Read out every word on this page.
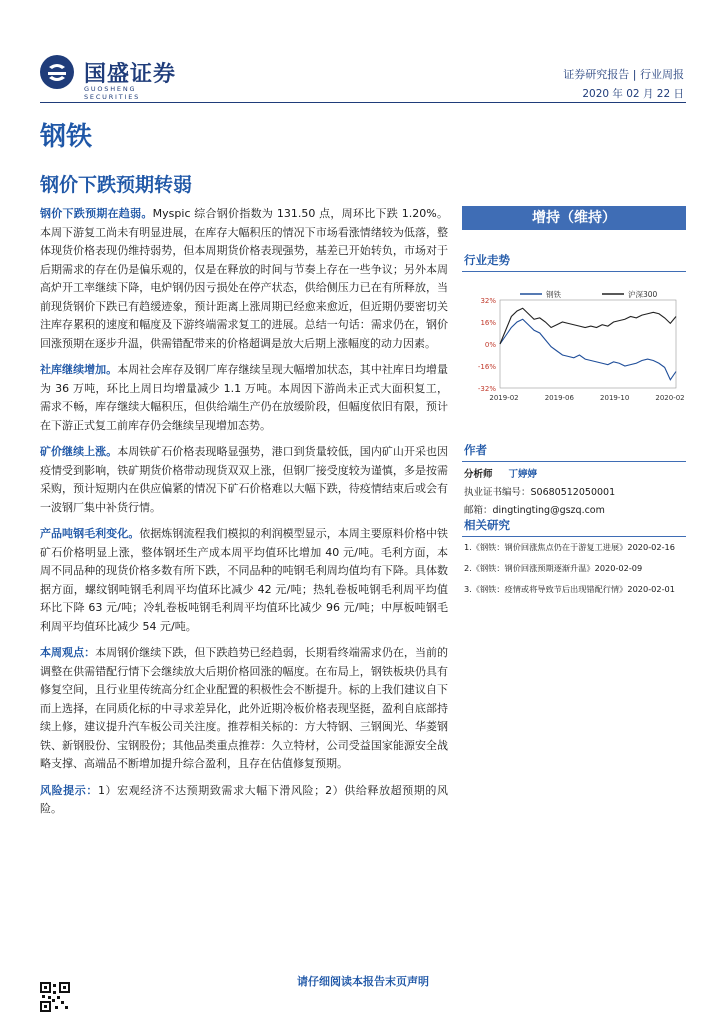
国盛证券
GUOSHENG SECURITIES
证券研究报告 | 行业周报
2020 年 02 月 22 日
钢铁
钢价下跌预期转弱

钢价下跌预期在趋弱。Myspic 综合钢价指数为 131.50 点，周环比下跌 1.20%。本周下游复工尚未有明显进展，在库存大幅积压的情况下市场看涨情绪较为低落，整体现货价格表现仍维持弱势，但本周期货价格表现强势，基差已开始转负，市场对于后期需求的存在仍是偏乐观的，仅是在释放的时间与节奏上存在一些争议；另外本周高炉开工率继续下降，电炉钢仍因亏损处在停产状态，供给侧压力已在有所释放，当前现货钢价下跌已有趋缓迹象，预计距离上涨周期已经愈来愈近，但近期仍要密切关注库存累积的速度和幅度及下游终端需求复工的进展。总结一句话：需求仍在，钢价回涨预期在逐步升温，供需错配带来的价格超调是放大后期上涨幅度的动力因素。

社库继续增加。本周社会库存及钢厂库存继续呈现大幅增加状态，其中社库日均增量为 36 万吨，环比上周日均增量减少 1.1 万吨。本周因下游尚未正式大面积复工，需求不畅，库存继续大幅积压，但供给端生产仍在放缓阶段，但幅度依旧有限，预计在下游正式复工前库存仍会继续呈现增加态势。

矿价继续上涨。本周铁矿石价格表现略显强势，港口到货量较低，国内矿山开采也因疫情受到影响，铁矿期货价格带动现货双双上涨，但钢厂接受度较为谨慎，多是按需采购，预计短期内在供应偏紧的情况下矿石价格难以大幅下跌，待疫情结束后或会有一波钢厂集中补货行情。

产品吨钢毛利变化。依据炼钢流程我们模拟的利润模型显示，本周主要原料价格中铁矿石价格明显上涨，整体钢坯生产成本周平均值环比增加 40 元/吨。毛利方面，本周不同品种的现货价格多数有所下跌，不同品种的吨钢毛利周均值均有下降。具体数据方面，螺纹钢吨钢毛利周平均值环比减少 42 元/吨；热轧卷板吨钢毛利周平均值环比下降 63 元/吨；冷轧卷板吨钢毛利周平均值环比减少 96 元/吨；中厚板吨钢毛利周平均值环比减少 54 元/吨。

本周观点：本周钢价继续下跌，但下跌趋势已经趋弱，长期看终端需求仍在，当前的调整在供需错配行情下会继续放大后期价格回涨的幅度。在布局上，钢铁板块仍具有修复空间，且行业里传统高分红企业配置的积极性会不断提升。标的上我们建议自下而上选择，在同质化标的中寻求差异化，此外近期冷板价格表现坚挺，盈利自底部持续上修，建议提升汽车板公司关注度。推荐相关标的：方大特钢、三钢闽光、华菱钢铁、新钢股份、宝钢股份；其他品类重点推荐：久立特材，公司受益国家能源安全战略支撑、高端品不断增加提升综合盈利，且存在估值修复预期。

风险提示：1）宏观经济不达预期致需求大幅下滑风险；2）供给释放超预期的风险。

增持（维持）
行业走势
32%
16%
0%
-16%
-32%
2019-02	2019-06	2019-10	2020-02
钢铁	沪深300
作者
分析师 丁婷婷
执业证书编号：S0680512050001
邮箱：dingtingting@gszq.com
相关研究
1.《钢铁：钢价回涨焦点仍在于游复工进展》2020-02-16
2.《钢铁：钢价回涨预期逐渐升温》2020-02-09
3.《钢铁：疫情或将导致节后出现错配行情》2020-02-01
请仔细阅读本报告末页声明
